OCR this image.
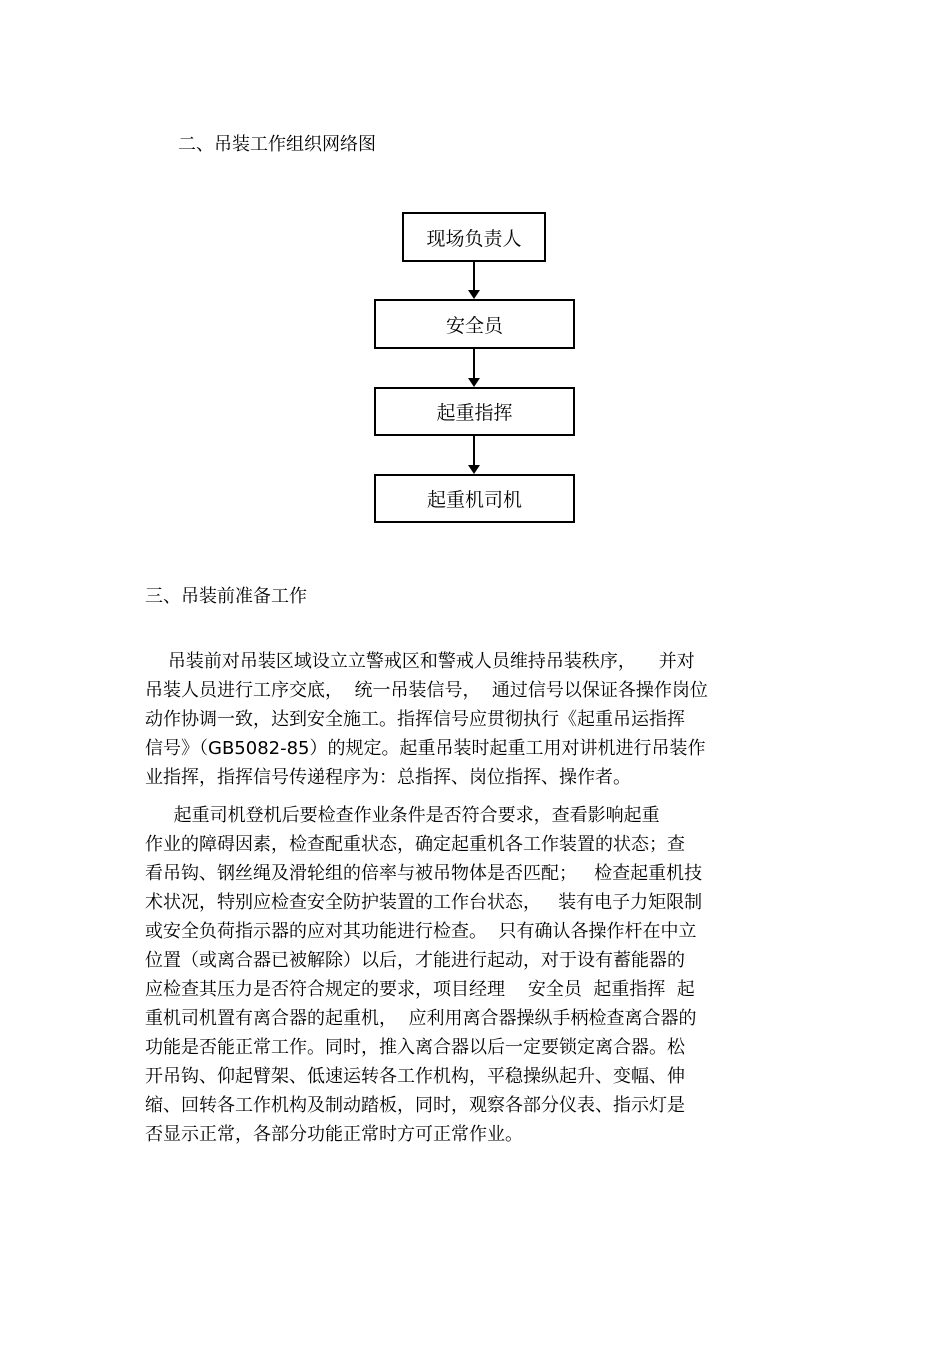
二、吊装工作组织网络图
现场负责人
安全员
起重指挥
起重机司机
三、吊装前准备工作
吊装前对吊装区域设立立警戒区和警戒人员维持吊装秩序，    并对
吊装人员进行工序交底，  统一吊装信号，  通过信号以保证各操作岗位
动作协调一致，达到安全施工。指挥信号应贯彻执行《起重吊运指挥
信号》（GB5082-85）的规定。起重吊装时起重工用对讲机进行吊装作
业指挥，指挥信号传递程序为：总指挥、岗位指挥、操作者。
起重司机登机后要检查作业条件是否符合要求，查看影响起重
作业的障碍因素，检查配重状态，确定起重机各工作装置的状态；查
看吊钩、钢丝绳及滑轮组的倍率与被吊物体是否匹配；   检查起重机技
术状况，特别应检查安全防护装置的工作台状态，   装有电子力矩限制
或安全负荷指示器的应对其功能进行检查。  只有确认各操作杆在中立
位置（或离合器已被解除）以后，才能进行起动，对于设有蓄能器的
应检查其压力是否符合规定的要求，项目经理    安全员  起重指挥  起
重机司机置有离合器的起重机，  应利用离合器操纵手柄检查离合器的
功能是否能正常工作。同时，推入离合器以后一定要锁定离合器。松
开吊钩、仰起臂架、低速运转各工作机构，平稳操纵起升、变幅、伸
缩、回转各工作机构及制动踏板，同时，观察各部分仪表、指示灯是
否显示正常，各部分功能正常时方可正常作业。
